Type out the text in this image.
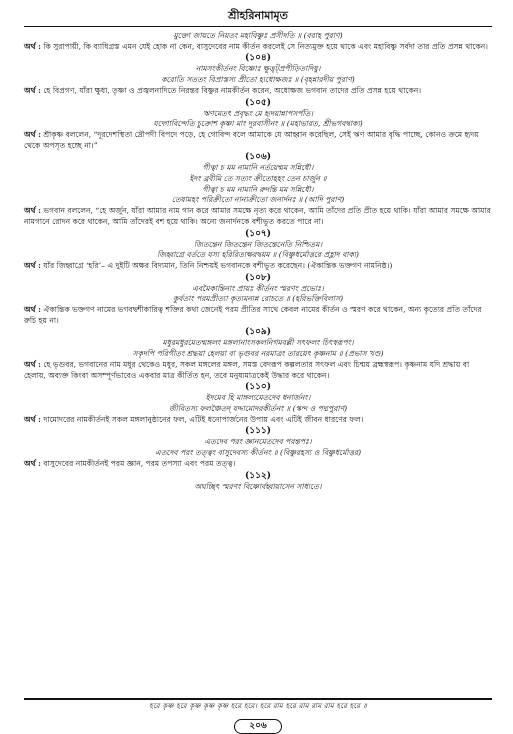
শ্রীহরিনামামৃত
মুক্তো জায়তে নিয়তং মহাবিষ্ণুঃ প্রসীদতি ॥ (বরাহ পুরাণ)
অর্থ : কি সুরাপায়ী, কি ব্যাধিগ্রস্ত এমন যেই হোক না কেন, বাসুদেবের নাম কীর্তন করলেই সে নিত্যমুক্ত হয়ে থাকে এবং মহাবিষ্ণু সর্বদা তার প্রতি প্রসন্ন থাকেন।
(১০৪)
নামসংকীর্তনং বিষ্ণোঃ ক্ষুত্তৃট্‌প্রপীড়িতাদিষু।
করোতি সততং বিপ্রাস্তস্য প্রীতো হ্যধোক্ষজঃ ॥ (বৃহন্নারদীয় পুরাণ)
অর্থ : হে বিপ্রগণ, যাঁরা ক্ষুধা, তৃষ্ণা ও প্রজ্বলনাদিতে নিরন্তর বিষ্ণুর নামকীর্তন করেন, অধোক্ষজ ভগবান তাদের প্রতি প্রসন্ন হয়ে থাকেন।
(১০৫)
ঋণমেতৎ প্রবৃদ্ধং মে হৃদয়ান্নাপসর্পতি।
যদ্গোবিন্দেতি চুক্রোশ কৃষ্ণা মাং দূরবাসীনং ॥ (মহাভারত, শ্রীভগবদ্বাক্য)
অর্থ : শ্রীকৃষ্ণ বললেন, “দূরদেশস্থিতা দ্রৌপদী বিপদে পড়ে, হে গোবিন্দ বলে আমাকে যে আহ্বান করেছিল, সেই ঋণ আমার বৃদ্ধি পাচ্ছে, কোনও ক্রমে হৃদয় থেকে অপসৃত হচ্ছে না।”
(১০৬)
গীত্বা চ মম নামানি নর্তয়েন্মম সন্নিধৌ।
ইদং ব্রবীমি তে সত্যং ক্রীতোহহং তেন চার্জুন ॥
গীত্বা চ মম নামানি রুদন্তি মম সন্নিধৌ।
তেষামহং পরিক্রীতো নান্যক্রীতো জনার্দনঃ ॥ (আদি পুরাণ)
অর্থ : ভগবান বললেন, “হে অর্জুন, যাঁরা আমার নাম গান করে আমার সমক্ষে নৃত্য করে থাকেন, আমি তাঁদের প্রতি প্রীত হয়ে থাকি। যাঁরা আমার সমক্ষে আমার নামগানে রোদন করে থাকেন, আমি তাঁদেরই বশ হয়ে থাকি। অন্যে জনার্দনকে বশীভূত করতে পারে না।
(১০৭)
জিতন্তেন জিতন্তেন জিতন্তেনেতি নিশ্চিতম।
জিহ্বাগ্রে বর্ততে যস্য হরিরিত্যক্ষরদ্বয়ম ॥ (বিষ্ণুধর্মোত্তরে প্রহ্লাদ বাক্য)
অর্থ : যাঁর জিহ্বাগ্রে ‘হরি’– এ দুইটি অক্ষর বিদ্যমান, তিনি নিশ্চয়ই ভগবানকে বশীভূত করেছেন। (ঐকান্তিক ভক্তগণ নামনিষ্ঠ।)
(১০৮)
এবমৈকান্তিনাং প্রায়ঃ কীর্তনং স্মরণং প্রভোঃ।
কুর্বতাং পরমপ্রীত্যা কৃত্যমন্যন্ন রোচতে ॥ (হরিভক্তিবিলাস)
অর্থ : ঐকান্তিক ভক্তগণ নামের ভগবদ্বশীকারিত্ব শক্তির কথা জেনেই পরম প্রীতির সাথে কেবল নামের কীর্তন ও স্মরণ করে থাকেন, অন্য কৃত্যের প্রতি তাঁদের রুচি হয় না।
(১০৯)
মধুরমধুরমেতন্মঙ্গলং মঙ্গলানাংসকলনিগমবল্লী সৎফলং চিৎস্বরূপং।
সকৃদপি পরিগীতং শ্রদ্ধয়া হেলয়া বা ভৃগুবর নরমাত্রং তারয়েৎ কৃষ্ণনাম ॥ (প্রভাস খণ্ড)
অর্থ : হে ভৃগুবর, ভগবানের নাম মধুর থেকেও মধুর, সকল মঙ্গলের মঙ্গল, সমস্ত বেদরূপ কল্পলতার সৎফল এবং চিন্ময় ব্রহ্মস্বরূপ। কৃষ্ণনাম যদি শ্রদ্ধায় বা হেলায়, অব্যক্ত কিংবা অসম্পূর্ণভাবেও একবার মাত্র কীর্তিত হন, তবে মনুষ্যমাত্রকেই উদ্ধার করে থাকেন।
(১১০)
ইদমেব হি মাঙ্গল্যমেতদেব ধনার্জনং।
জীবিতস্য ফলঞ্চৈতদ্ যদ্দামোদরকীর্তনং ॥ (স্কন্দ ও পদ্মপুরাণ)
অর্থ : দামোদরের নামকীর্তনই সকল মঙ্গলানুষ্ঠানের ফল, এটিই ধনোপার্জনের উপায় এবং এটিই জীবন ধারণের ফল।
(১১১)
এতদেব পরং জ্ঞানমেতদেব পরন্তপঃ।
এতদেব পরং তত্ত্বং বাসুদেবস্য কীর্তনং ॥ (বিষ্ণুরহস্য ও বিষ্ণুধর্মোত্তর)
অর্থ : বাসুদেবের নামকীর্তনই পরম জ্ঞান, পরম তপস্যা এবং পরম তত্ত্ব।
(১১২)
অঘচ্ছিৎ স্মরণং বিষ্ণোর্বহ্বায়াসেন সাধ্যতে।
হরে কৃষ্ণ হরে কৃষ্ণ কৃষ্ণ কৃষ্ণ হরে হরে। হরে রাম হরে রাম রাম রাম হরে হরে ॥
২০৬
